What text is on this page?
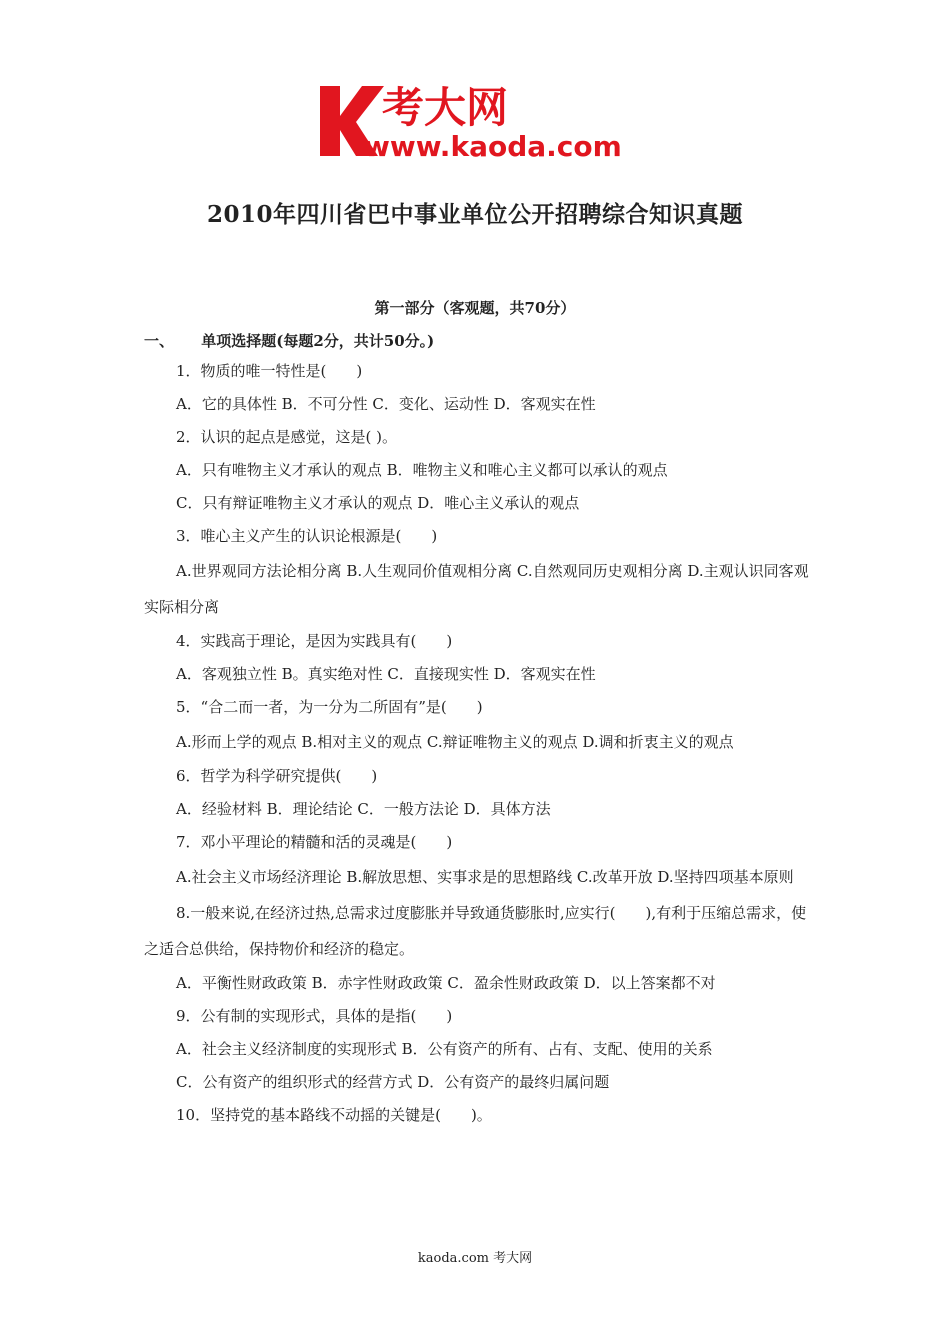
考大网
www.kaoda.com
2010年四川省巴中事业单位公开招聘综合知识真题
第一部分（客观题，共70分）
一、 单项选择题(每题2分，共计50分。)

1．物质的唯一特性是(　　)

A．它的具体性 B．不可分性 C．变化、运动性 D．客观实在性

2．认识的起点是感觉，这是( )。

A．只有唯物主义才承认的观点 B．唯物主义和唯心主义都可以承认的观点

C．只有辩证唯物主义才承认的观点 D．唯心主义承认的观点

3．唯心主义产生的认识论根源是(　　)

A.世界观同方法论相分离 B.人生观同价值观相分离 C.自然观同历史观相分离 D.主观认识同客观实际相分离

4．实践高于理论，是因为实践具有(　　)

A．客观独立性 B。真实绝对性 C．直接现实性 D．客观实在性

5．“合二而一者，为一分为二所固有”是(　　)

A.形而上学的观点 B.相对主义的观点 C.辩证唯物主义的观点 D.调和折衷主义的观点

6．哲学为科学研究提供(　　)

A．经验材料 B．理论结论 C．一般方法论 D．具体方法

7．邓小平理论的精髓和活的灵魂是(　　)

A.社会主义市场经济理论 B.解放思想、实事求是的思想路线 C.改革开放 D.坚持四项基本原则

8.一般来说,在经济过热,总需求过度膨胀并导致通货膨胀时,应实行(　　),有利于压缩总需求，使之适合总供给，保持物价和经济的稳定。

A．平衡性财政政策 B．赤字性财政政策 C．盈余性财政政策 D．以上答案都不对

9．公有制的实现形式，具体的是指(　　)

A．社会主义经济制度的实现形式 B．公有资产的所有、占有、支配、使用的关系

C．公有资产的组织形式的经营方式 D．公有资产的最终归属问题

10．坚持党的基本路线不动摇的关键是(　　)。

kaoda.com 考大网
